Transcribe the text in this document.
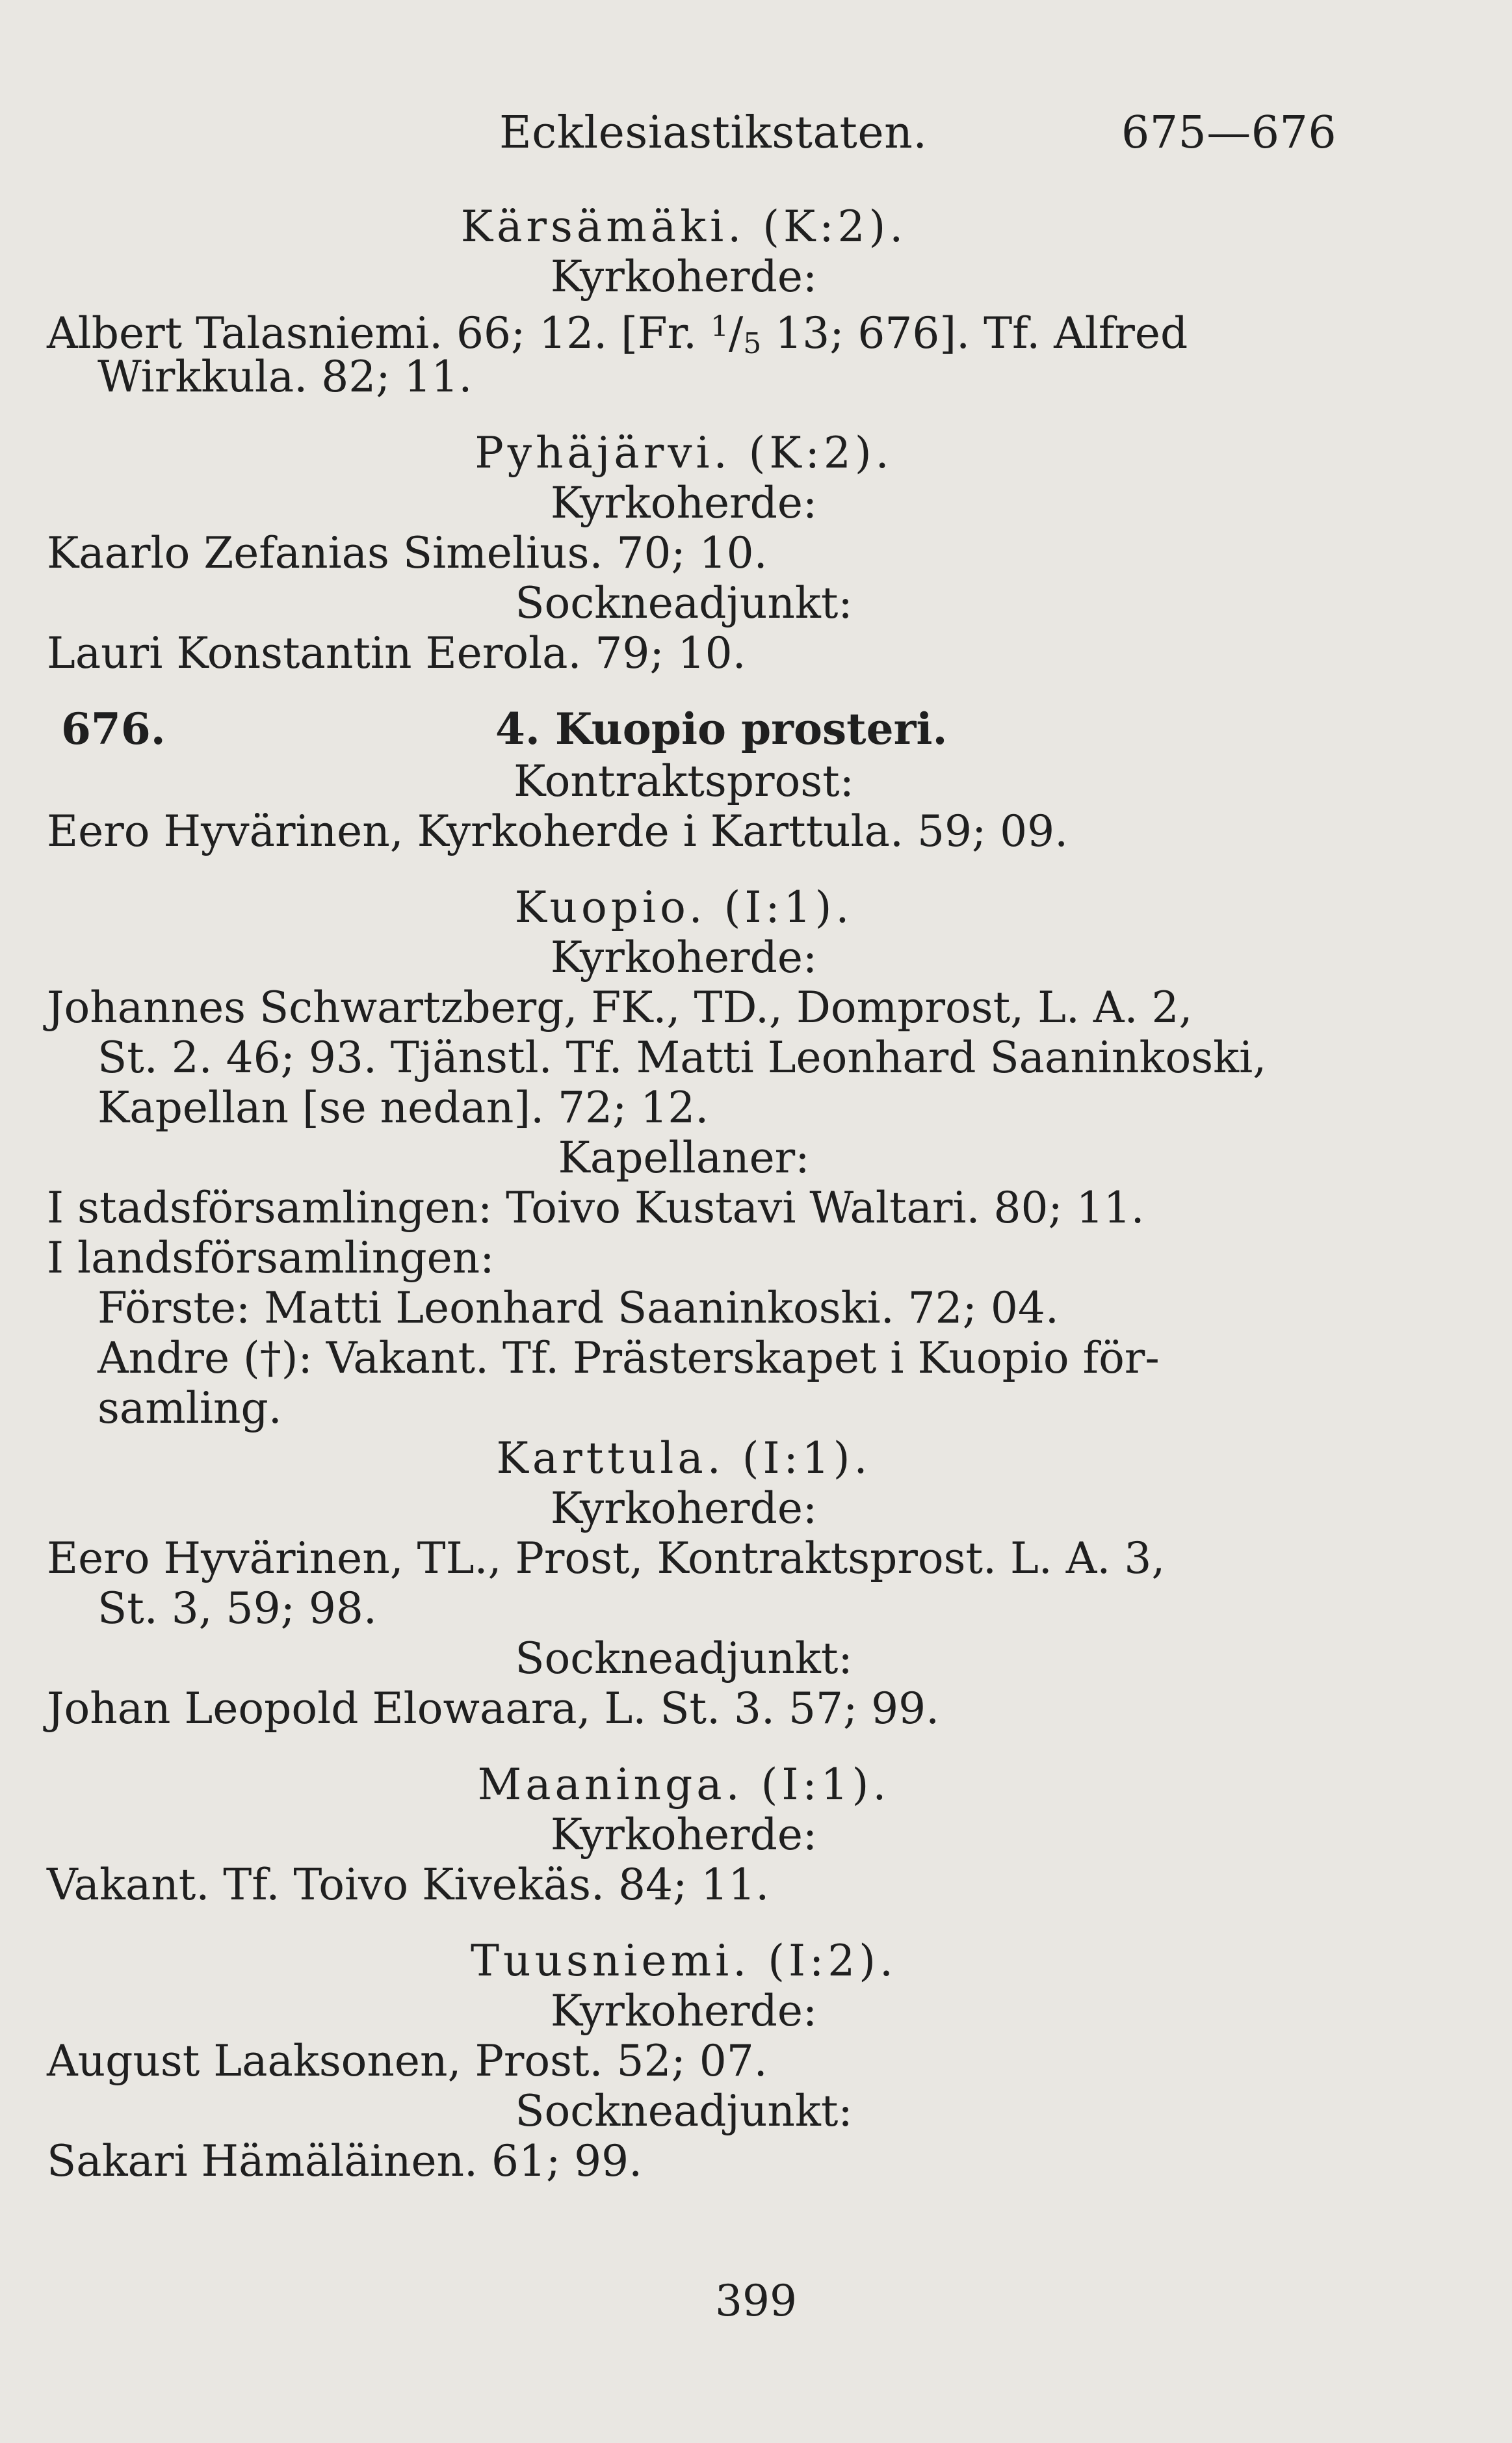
Ecklesiastikstaten.	675—676
Kärsämäki. (K:2).
Kyrkoherde:
Albert Talasniemi. 66; 12. [Fr. $^1$/5 13; 676]. Tf. Alfred
Wirkkula. 82; 11.
Pyhäjärvi. (K:2).
Kyrkoherde:
Kaarlo Zefanias Simelius. 70; 10.
Sockneadjunkt:
Lauri Konstantin Eerola. 79; 10.
676.	4. Kuopio prosteri.
Kontraktsprost:
Eero Hyvärinen, Kyrkoherde i Karttula. 59; 09.
Kuopio. (I:1).
Kyrkoherde:
Johannes Schwartzberg, FK., TD., Domprost, L. A. 2,
St. 2. 46; 93. Tjänstl. Tf. Matti Leonhard Saaninkoski,
Kapellan [se nedan]. 72; 12.
Kapellaner:
I stadsförsamlingen: Toivo Kustavi Waltari. 80; 11.
I landsförsamlingen:
Förste: Matti Leonhard Saaninkoski. 72; 04.
Andre (†): Vakant. Tf. Prästerskapet i Kuopio för-
samling.
Karttula. (I:1).
Kyrkoherde:
Eero Hyvärinen, TL., Prost, Kontraktsprost. L. A. 3,
St. 3, 59; 98.
Sockneadjunkt:
Johan Leopold Elowaara, L. St. 3. 57; 99.
Maaninga. (I:1).
Kyrkoherde:
Vakant. Tf. Toivo Kivekäs. 84; 11.
Tuusniemi. (I:2).
Kyrkoherde:
August Laaksonen, Prost. 52; 07.
Sockneadjunkt:
Sakari Hämäläinen. 61; 99.
399
